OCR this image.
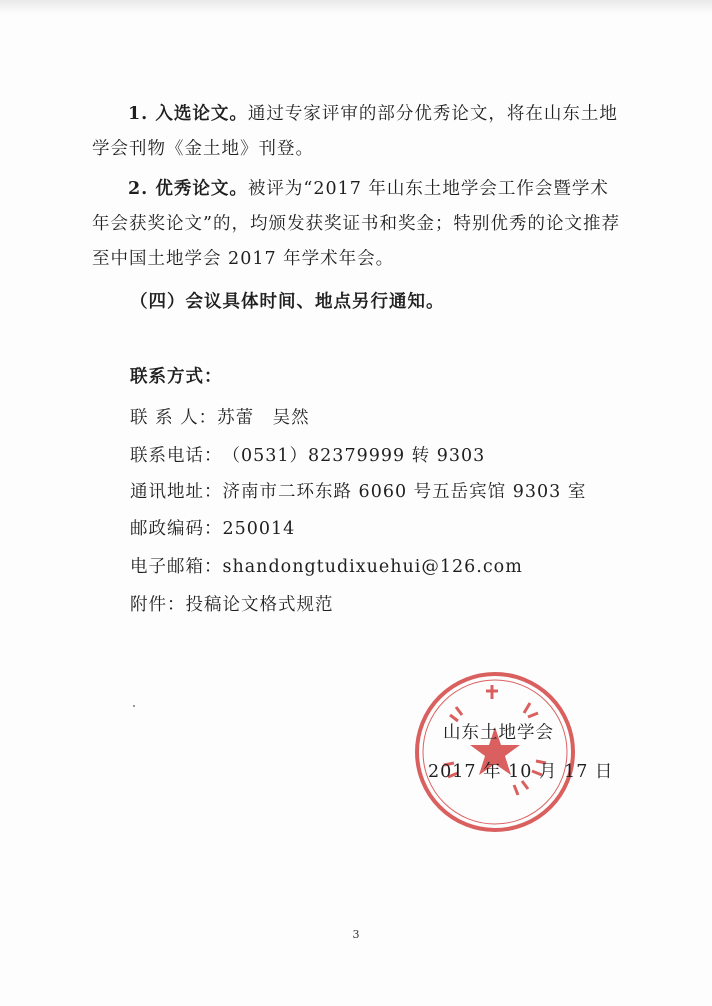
1. 入选论文。通过专家评审的部分优秀论文，将在山东土地学会刊物《金土地》刊登。
2. 优秀论文。被评为“2017 年山东土地学会工作会暨学术年会获奖论文”的，均颁发获奖证书和奖金；特别优秀的论文推荐至中国土地学会 2017 年学术年会。
（四）会议具体时间、地点另行通知。
联系方式：
联 系 人：苏蕾　吴然
联系电话：（0531）82379999 转 9303
通讯地址：济南市二环东路 6060 号五岳宾馆 9303 室
邮政编码：250014
电子邮箱：shandongtudixuehui@126.com
附件：投稿论文格式规范
山东土地学会
2017 年 10 月 17 日
3
